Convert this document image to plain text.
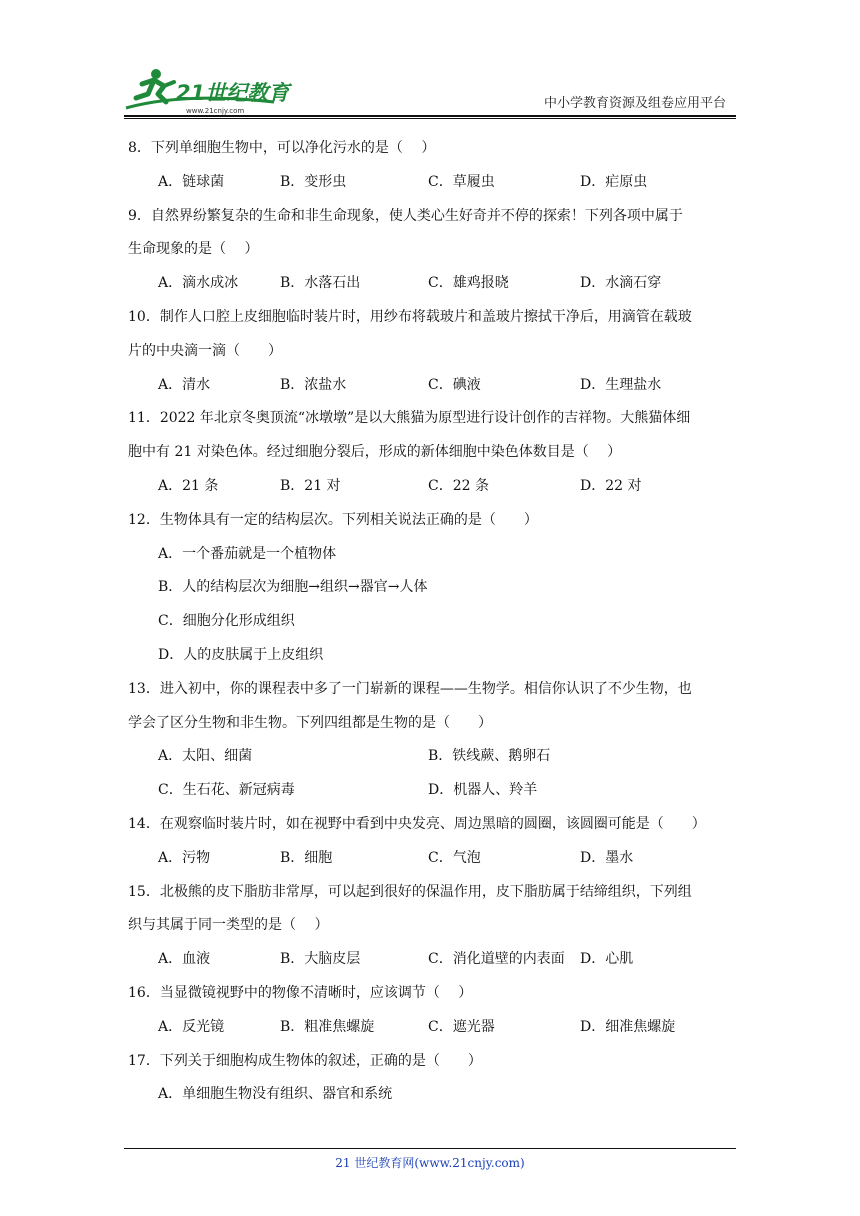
21世纪教育
www.21cnjy.com	中小学教育资源及组卷应用平台
8．下列单细胞生物中，可以净化污水的是（　 ）
A．链球菌	B．变形虫	C．草履虫	D．疟原虫
9．自然界纷繁复杂的生命和非生命现象，使人类心生好奇并不停的探索！下列各项中属于
生命现象的是（　 ）
A．滴水成冰	B．水落石出	C．雄鸡报晓	D．水滴石穿
10．制作人口腔上皮细胞临时装片时，用纱布将载玻片和盖玻片擦拭干净后，用滴管在载玻
片的中央滴一滴（　　）
A．清水	B．浓盐水	C．碘液	D．生理盐水
11．2022 年北京冬奥顶流“冰墩墩”是以大熊猫为原型进行设计创作的吉祥物。大熊猫体细
胞中有 21 对染色体。经过细胞分裂后，形成的新体细胞中染色体数目是（　 ）
A．21 条	B．21 对	C．22 条	D．22 对
12．生物体具有一定的结构层次。下列相关说法正确的是（　　）
A．一个番茄就是一个植物体
B．人的结构层次为细胞→组织→器官→人体
C．细胞分化形成组织
D．人的皮肤属于上皮组织
13．进入初中，你的课程表中多了一门崭新的课程——生物学。相信你认识了不少生物，也
学会了区分生物和非生物。下列四组都是生物的是（　　）
A．太阳、细菌	B．铁线蕨、鹅卵石
C．生石花、新冠病毒	D．机器人、羚羊
14．在观察临时装片时，如在视野中看到中央发亮、周边黑暗的圆圈，该圆圈可能是（　　）
A．污物	B．细胞	C．气泡	D．墨水
15．北极熊的皮下脂肪非常厚，可以起到很好的保温作用，皮下脂肪属于结缔组织，下列组
织与其属于同一类型的是（　 ）
A．血液	B．大脑皮层	C．消化道壁的内表面 D．心肌
16．当显微镜视野中的物像不清晰时，应该调节（　 ）
A．反光镜	B．粗准焦螺旋	C．遮光器	D．细准焦螺旋
17．下列关于细胞构成生物体的叙述，正确的是（　　）
A．单细胞生物没有组织、器官和系统
21 世纪教育网(www.21cnjy.com)
